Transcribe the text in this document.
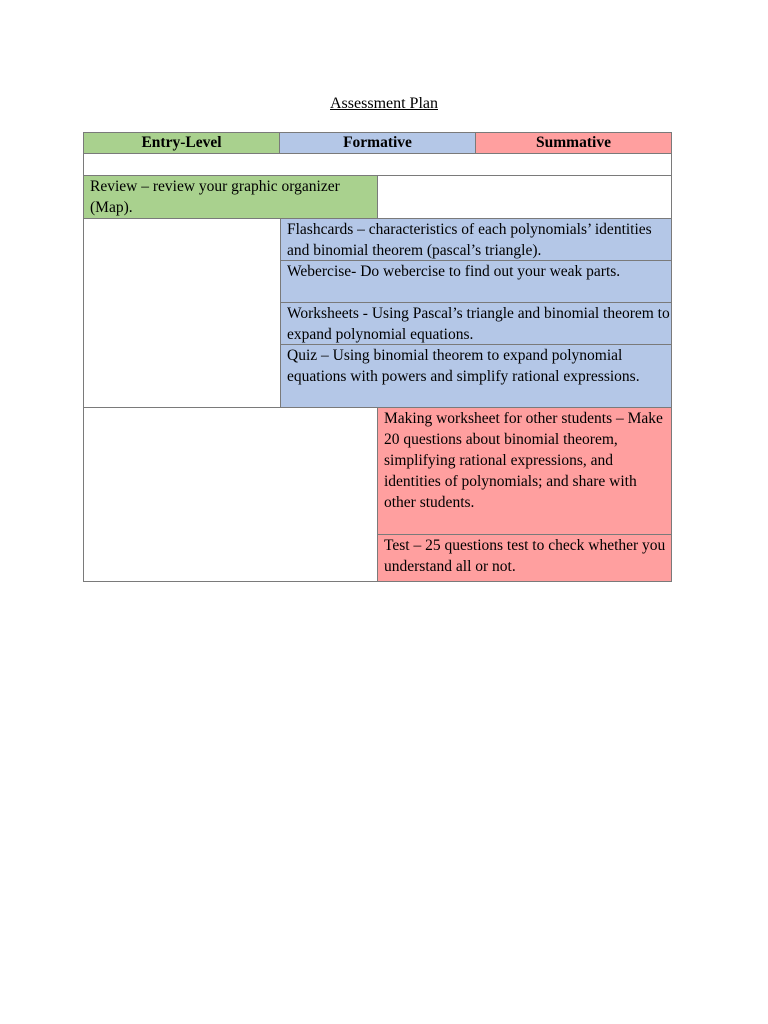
Assessment Plan
Entry-Level	Formative	Summative
Review – review your graphic organizer (Map).
Flashcards – characteristics of each polynomials’ identities and binomial theorem (pascal’s triangle).
Webercise- Do webercise to find out your weak parts.
Worksheets - Using Pascal’s triangle and binomial theorem to expand polynomial equations.
Quiz – Using binomial theorem to expand polynomial equations with powers and simplify rational expressions.
Making worksheet for other students – Make 20 questions about binomial theorem, simplifying rational expressions, and identities of polynomials; and share with other students.
Test – 25 questions test to check whether you understand all or not.
